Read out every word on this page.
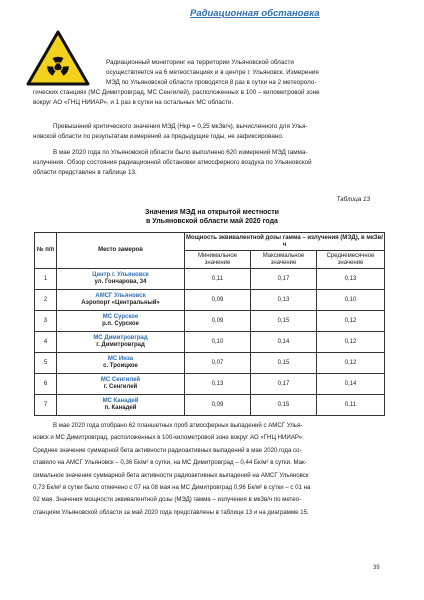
Радиационная обстановка
Радиационный мониторинг на территории Ульяновской области
осуществляется на 6 метеостанциях и в центре г. Ульяновск. Измерения
МЭД по Ульяновской области проводятся 8 раз в сутки на 2 метеороло-
гических станциях (МС Димитровград, МС Сенгилей), расположенных в 100 – километровой зоне
вокруг АО «ГНЦ НИИАР», и 1 раз в сутки на остальных МС области.
Превышений критического значения МЭД (Нкр = 0,25 мкЗв/ч), вычисленного для Улья-
новской области по результатам измерений за предыдущие годы, не зафиксировано.
В мае 2020 года по Ульяновской области было выполнено 620 измерений МЭД гамма-
излучения. Обзор состояния радиационной обстановки атмосферного воздуха по Ульяновской
области представлен в таблице 13.
Таблица 13
Значения МЭД на открытой местности
в Ульяновской области май 2020 года
№ п/п	Место замеров	Мощность эквивалентной дозы гамма – излучения (МЭД), в мкЗв/ч		
		Минимальное значение	Максимальное значение	Среднемесячное значение
1	Центр г. Ульяновск
ул. Гончарова, 34	0,11	0,17	0,13
2	АМСГ Ульяновск
Аэропорт «Центральный»	0,09	0,13	0,10
3	МС Сурское
р.п. Сурское	0,09	0,15	0,12
4	МС Димитровград
г. Димитровград	0,10	0,14	0,12
5	МС Инза
с. Троицкое	0,07	0,15	0,12
6	МС Сенгилей
г. Сенгилей	0,13	0,17	0,14
7	МС Канадей
п. Канадей	0,09	0,15	0,11
В мае 2020 года отобрано 62 планшетных проб атмосферных выпадений с АМСГ Улья-
новск и МС Димитровград, расположенных в 100-километровой зоне вокруг АО «ГНЦ НИИАР».
Среднее значение суммарной бета активности радиоактивных выпадений в мае 2020 года со-
ставило на АМСГ Ульяновск – 0,36 Бк/м² в сутки, на МС Димитровград – 0,44 Бк/м² в сутки. Мак-
симальное значение суммарной бета активности радиоактивных выпадений на АМСГ Ульяновск
0,73 Бк/м² в сутки было отмечено с 07 на 08 мая на МС Димитровград 0,96 Бк/м² в сутки – с 01 на
02 мая. Значения мощности эквивалентной дозы (МЭД) гамма – излучения в мкЗв/ч по метео-
станциям Ульяновской области за май 2020 года представлены в таблице 13 и на диаграмме 15.
39
